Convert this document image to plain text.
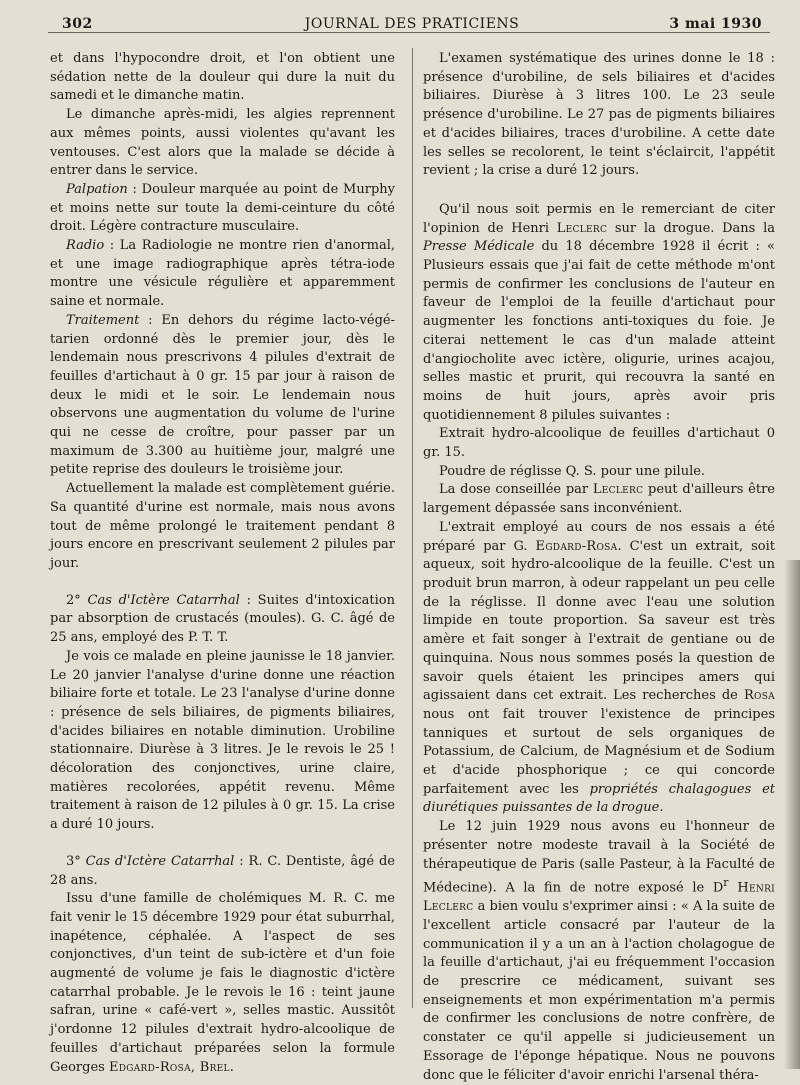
302	JOURNAL DES PRATICIENS	3 mai 1930

et dans l'hypocondre droit, et l'on obtient une sédation nette de la douleur qui dure la nuit du samedi et le dimanche matin.

Le dimanche après-midi, les algies reprennent aux mêmes points, aussi violentes qu'avant les ventouses. C'est alors que la malade se décide à entrer dans le service.

Palpation : Douleur marquée au point de Murphy et moins nette sur toute la demi-ceinture du côté droit. Légère contracture musculaire.

Radio : La Radiologie ne montre rien d'anormal, et une image radiographique après tétra-iode montre une vésicule régulière et apparemment saine et normale.

Traitement : En dehors du régime lacto-végé-tarien ordonné dès le premier jour, dès le lendemain nous prescrivons 4 pilules d'extrait de feuilles d'artichaut à 0 gr. 15 par jour à raison de deux le midi et le soir. Le lendemain nous observons une augmentation du volume de l'urine qui ne cesse de croître, pour passer par un maximum de 3.300 au huitième jour, malgré une petite reprise des douleurs le troisième jour.

Actuellement la malade est complètement guérie. Sa quantité d'urine est normale, mais nous avons tout de même prolongé le traitement pendant 8 jours encore en prescrivant seulement 2 pilules par jour.

2° Cas d'Ictère Catarrhal : Suites d'intoxication par absorption de crustacés (moules). G. C. âgé de 25 ans, employé des P. T. T.

Je vois ce malade en pleine jaunisse le 18 janvier. Le 20 janvier l'analyse d'urine donne une réaction biliaire forte et totale. Le 23 l'analyse d'urine donne : présence de sels biliaires, de pigments biliaires, d'acides biliaires en notable diminution. Urobiline stationnaire. Diurèse à 3 litres. Je le revois le 25 ! décoloration des conjonctives, urine claire, matières recolorées, appétit revenu. Même traitement à raison de 12 pilules à 0 gr. 15. La crise a duré 10 jours.

3° Cas d'Ictère Catarrhal : R. C. Dentiste, âgé de 28 ans.

Issu d'une famille de cholémiques M. R. C. me fait venir le 15 décembre 1929 pour état suburrhal, inapétence, céphalée. A l'aspect de ses conjonctives, d'un teint de sub-ictère et d'un foie augmenté de volume je fais le diagnostic d'ictère catarrhal probable. Je le revois le 16 : teint jaune safran, urine « café-vert », selles mastic. Aussitôt j'ordonne 12 pilules d'extrait hydro-alcoolique de feuilles d'artichaut préparées selon la formule Georges Edgard-Rosa, Brel.

L'examen systématique des urines donne le 18 : présence d'urobiline, de sels biliaires et d'acides biliaires. Diurèse à 3 litres 100. Le 23 seule présence d'urobiline. Le 27 pas de pigments biliaires et d'acides biliaires, traces d'urobiline. A cette date les selles se recolorent, le teint s'éclaircit, l'appétit revient ; la crise a duré 12 jours.

Qu'il nous soit permis en le remerciant de citer l'opinion de Henri Leclerc sur la drogue. Dans la Presse Médicale du 18 décembre 1928 il écrit : « Plusieurs essais que j'ai fait de cette méthode m'ont permis de confirmer les conclusions de l'auteur en faveur de l'emploi de la feuille d'artichaut pour augmenter les fonctions anti-toxiques du foie. Je citerai nettement le cas d'un malade atteint d'angiocholite avec ictère, oligurie, urines acajou, selles mastic et prurit, qui recouvra la santé en moins de huit jours, après avoir pris quotidiennement 8 pilules suivantes :

Extrait hydro-alcoolique de feuilles d'artichaut 0 gr. 15.

Poudre de réglisse Q. S. pour une pilule.

La dose conseillée par Leclerc peut d'ailleurs être largement dépassée sans inconvénient.

L'extrait employé au cours de nos essais a été préparé par G. Egdard-Rosa. C'est un extrait, soit aqueux, soit hydro-alcoolique de la feuille. C'est un produit brun marron, à odeur rappelant un peu celle de la réglisse. Il donne avec l'eau une solution limpide en toute proportion. Sa saveur est très amère et fait songer à l'extrait de gentiane ou de quinquina. Nous nous sommes posés la question de savoir quels étaient les principes amers qui agissaient dans cet extrait. Les recherches de Rosa nous ont fait trouver l'existence de principes tanniques et surtout de sels organiques de Potassium, de Calcium, de Magnésium et de Sodium et d'acide phosphorique ; ce qui concorde parfaitement avec les propriétés chalagogues et diurétiques puissantes de la drogue.

Le 12 juin 1929 nous avons eu l'honneur de présenter notre modeste travail à la Société de thérapeutique de Paris (salle Pasteur, à la Faculté de Médecine). A la fin de notre exposé le $D^r$ Henri Leclerc a bien voulu s'exprimer ainsi : « A la suite de l'excellent article consacré par l'auteur de la communication il y a un an à l'action cholagogue de la feuille d'artichaut, j'ai eu fréquemment l'occasion de prescrire ce médicament, suivant ses enseignements et mon expérimentation m'a permis de confirmer les conclusions de notre confrère, de constater ce qu'il appelle si judicieusement un Essorage de l'éponge hépatique. Nous ne pouvons donc que le féliciter d'avoir enrichi l'arsenal théra-
